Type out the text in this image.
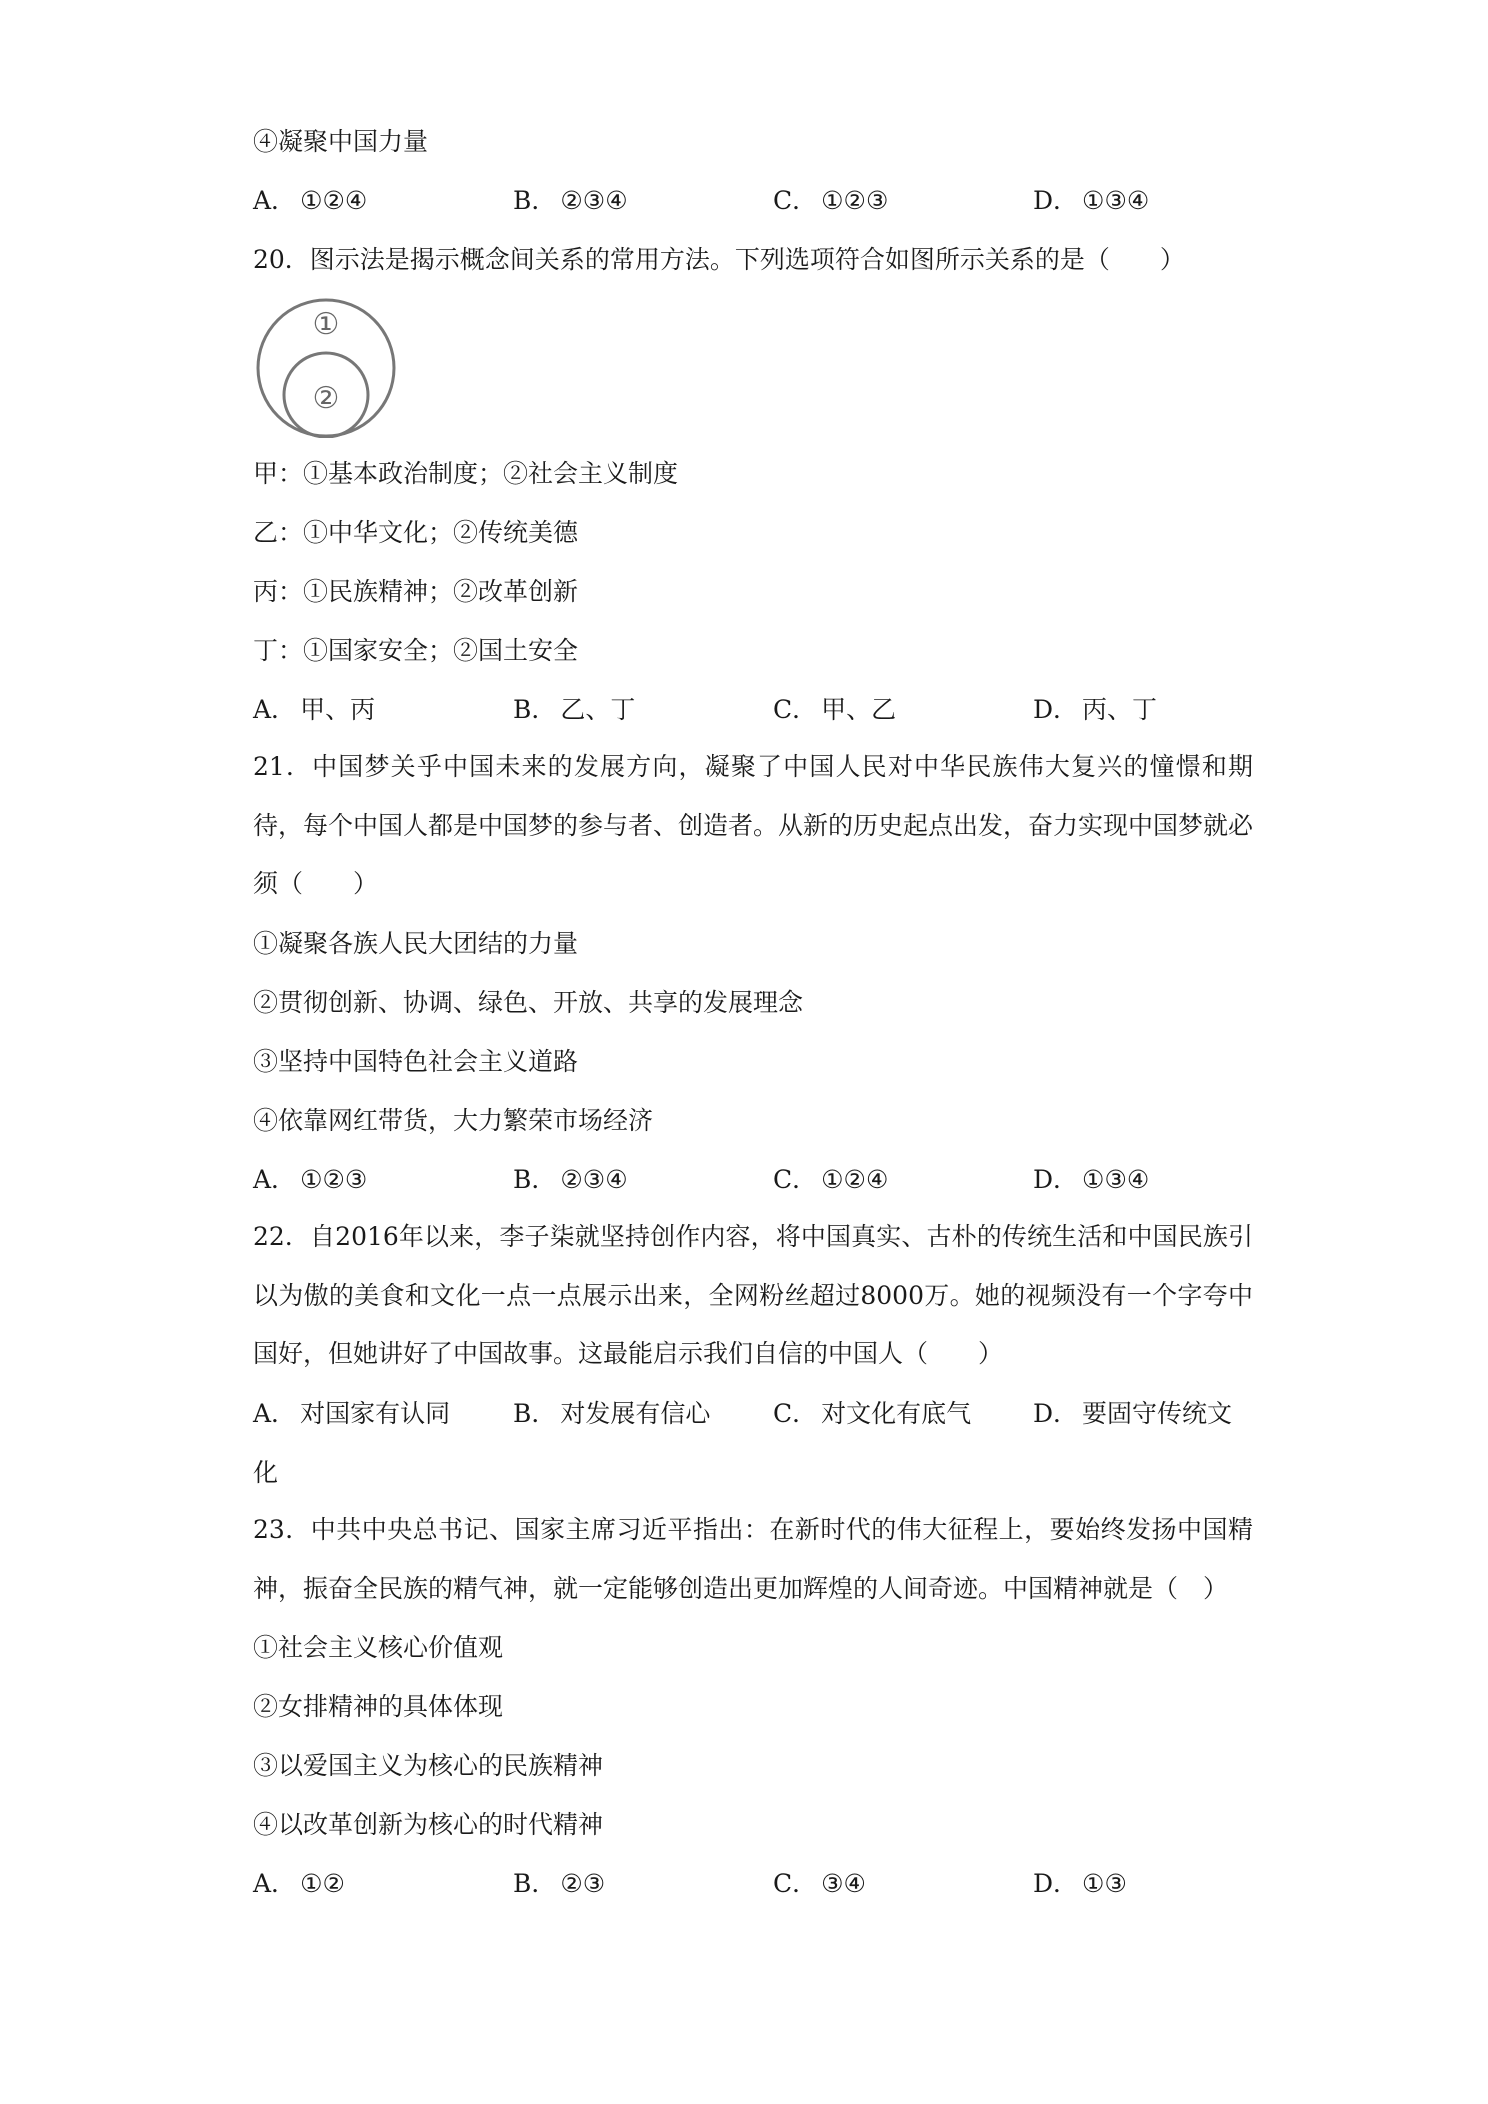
④凝聚中国力量
A． ①②④	B． ②③④	C． ①②③	D． ①③④
20．图示法是揭示概念间关系的常用方法。下列选项符合如图所示关系的是（　　）
①
②
甲：①基本政治制度；②社会主义制度
乙：①中华文化；②传统美德
丙：①民族精神；②改革创新
丁：①国家安全；②国土安全
A． 甲、丙	B． 乙、丁	C． 甲、乙	D． 丙、丁
21．中国梦关乎中国未来的发展方向，凝聚了中国人民对中华民族伟大复兴的憧憬和期待，每个中国人都是中国梦的参与者、创造者。从新的历史起点出发，奋力实现中国梦就必须（　　）
①凝聚各族人民大团结的力量
②贯彻创新、协调、绿色、开放、共享的发展理念
③坚持中国特色社会主义道路
④依靠网红带货，大力繁荣市场经济
A． ①②③	B． ②③④	C． ①②④	D． ①③④
22．自2016年以来，李子柒就坚持创作内容，将中国真实、古朴的传统生活和中国民族引以为傲的美食和文化一点一点展示出来，全网粉丝超过8000万。她的视频没有一个字夸中国好，但她讲好了中国故事。这最能启示我们自信的中国人（　　）
A． 对国家有认同	B． 对发展有信心	C． 对文化有底气 D． 要固守传统文
化
23．中共中央总书记、国家主席习近平指出：在新时代的伟大征程上，要始终发扬中国精神，振奋全民族的精气神，就一定能够创造出更加辉煌的人间奇迹。中国精神就是（　）
①社会主义核心价值观
②女排精神的具体体现
③以爱国主义为核心的民族精神
④以改革创新为核心的时代精神
A． ①②	B． ②③	C． ③④	D． ①③
